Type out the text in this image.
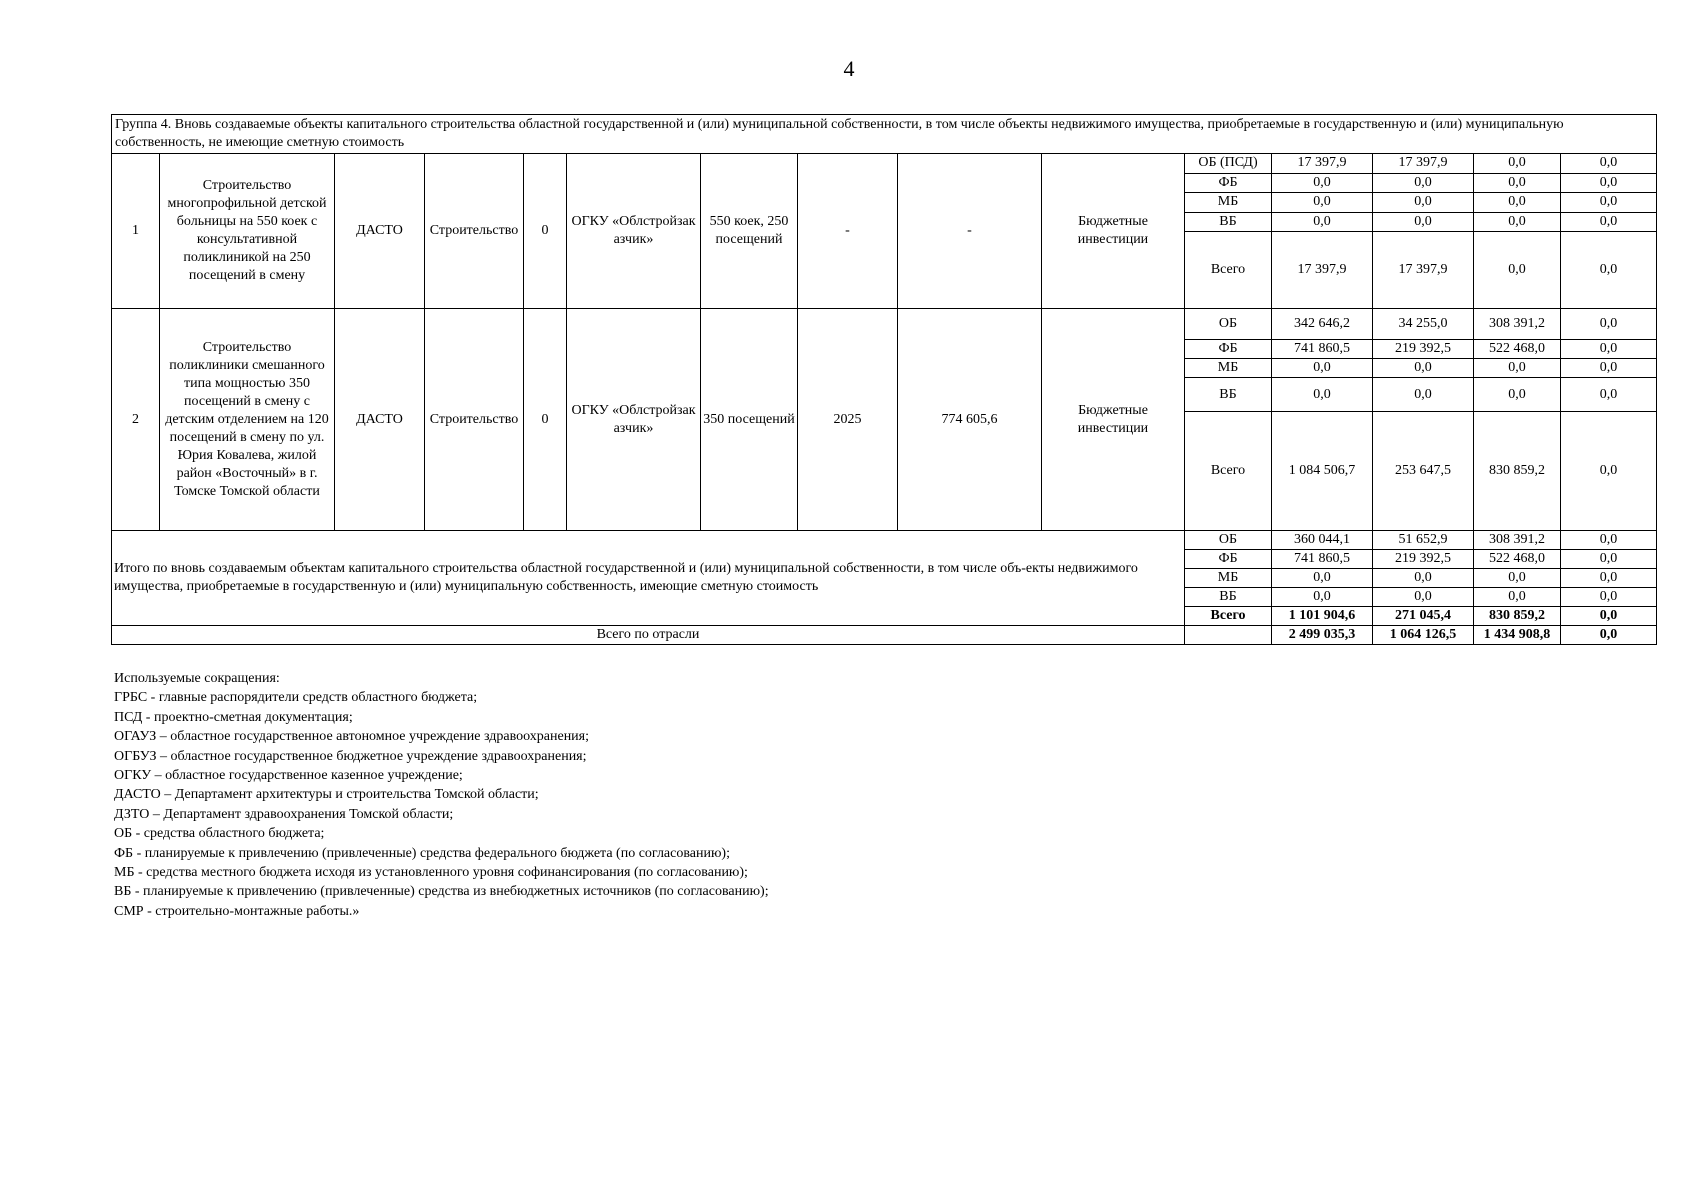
4
Группа 4. Вновь создаваемые объекты капитального строительства областной государственной и (или) муниципальной собственности, в том числе объекты недвижимого имущества, приобретаемые в государственную и (или) муниципальную собственность, не имеющие сметную стоимость														
1	Строительство многопрофильной детской больницы на 550 коек с консультативной поликлиникой на 250 посещений в смену	ДАСТО	Строительство	0	ОГКУ «Облстройзаказчик»	550 коек, 250 посещений	-	-	Бюджетные инвестиции	ОБ (ПСД)	17 397,9	17 397,9	0,0	0,0
										ФБ	0,0	0,0	0,0	0,0
										МБ	0,0	0,0	0,0	0,0
										ВБ	0,0	0,0	0,0	0,0
										Всего	17 397,9	17 397,9	0,0	0,0
2	Строительство поликлиники смешанного типа мощностью 350 посещений в смену с детским отделением на 120 посещений в смену по ул. Юрия Ковалева, жилой район «Восточный» в г. Томске Томской области	ДАСТО	Строительство	0	ОГКУ «Облстройзаказчик»	350 посещений	2025	774 605,6	Бюджетные инвестиции	ОБ	342 646,2	34 255,0	308 391,2	0,0
										ФБ	741 860,5	219 392,5	522 468,0	0,0
										МБ	0,0	0,0	0,0	0,0
										ВБ	0,0	0,0	0,0	0,0
										Всего	1 084 506,7	253 647,5	830 859,2	0,0
Итого по вновь создаваемым объектам капитального строительства областной государственной и (или) муниципальной собственности, в том числе объ-екты недвижимого имущества, приобретаемые в государственную и (или) муниципальную собственность, имеющие сметную стоимость										ОБ	360 044,1	51 652,9	308 391,2	0,0
										ФБ	741 860,5	219 392,5	522 468,0	0,0
										МБ	0,0	0,0	0,0	0,0
										ВБ	0,0	0,0	0,0	0,0
										Всего	1 101 904,6	271 045,4	830 859,2	0,0
Всего по отрасли											2 499 035,3	1 064 126,5	1 434 908,8	0,0
Используемые сокращения:
ГРБС - главные распорядители средств областного бюджета;
ПСД - проектно-сметная документация;
ОГАУЗ – областное государственное автономное учреждение здравоохранения;
ОГБУЗ – областное государственное бюджетное учреждение здравоохранения;
ОГКУ – областное государственное казенное учреждение;
ДАСТО – Департамент архитектуры и строительства Томской области;
ДЗТО – Департамент здравоохранения Томской области;
ОБ - средства областного бюджета;
ФБ - планируемые к привлечению (привлеченные) средства федерального бюджета (по согласованию);
МБ - средства местного бюджета исходя из установленного уровня софинансирования (по согласованию);
ВБ - планируемые к привлечению (привлеченные) средства из внебюджетных источников (по согласованию);
СМР - строительно-монтажные работы.»
